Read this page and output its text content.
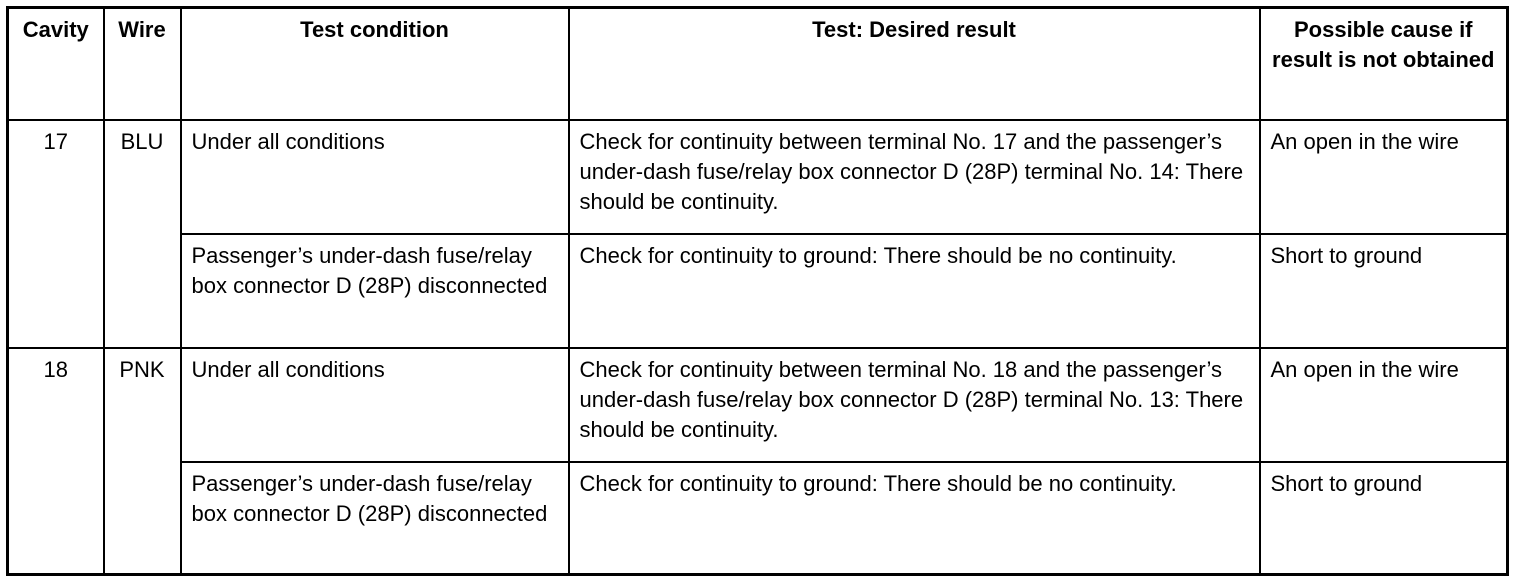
Cavity	Wire	Test condition	Test: Desired result	Possible cause if result is not obtained
17	BLU	Under all conditions	Check for continuity between terminal No. 17 and the passenger’s under-dash fuse/relay box connector D (28P) terminal No. 14: There should be continuity.	An open in the wire
		Passenger’s under-dash fuse/relay box connector D (28P) disconnected	Check for continuity to ground: There should be no continuity.	Short to ground
18	PNK	Under all conditions	Check for continuity between terminal No. 18 and the passenger’s under-dash fuse/relay box connector D (28P) terminal No. 13: There should be continuity.	An open in the wire
		Passenger’s under-dash fuse/relay box connector D (28P) disconnected	Check for continuity to ground: There should be no continuity.	Short to ground
